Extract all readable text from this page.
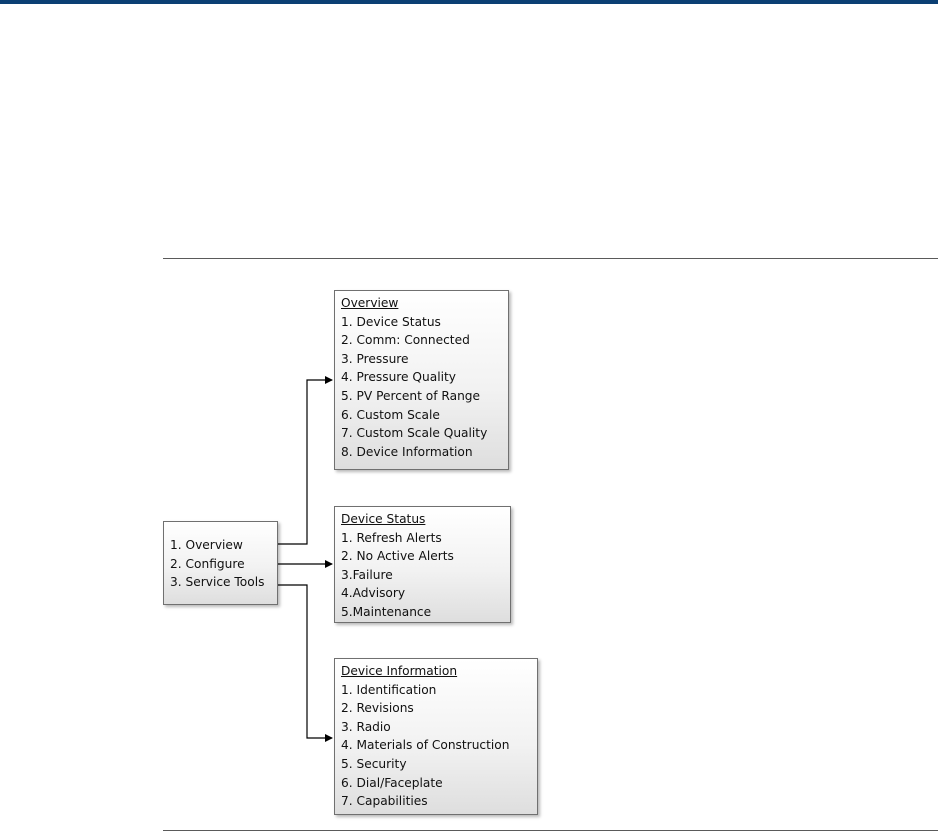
1. Overview
2. Configure
3. Service Tools
Overview
1. Device Status
2. Comm: Connected
3. Pressure
4. Pressure Quality
5. PV Percent of Range
6. Custom Scale
7. Custom Scale Quality
8. Device Information
Device Status
1. Refresh Alerts
2. No Active Alerts
3.Failure
4.Advisory
5.Maintenance
Device Information
1. Identification
2. Revisions
3. Radio
4. Materials of Construction
5. Security
6. Dial/Faceplate
7. Capabilities
